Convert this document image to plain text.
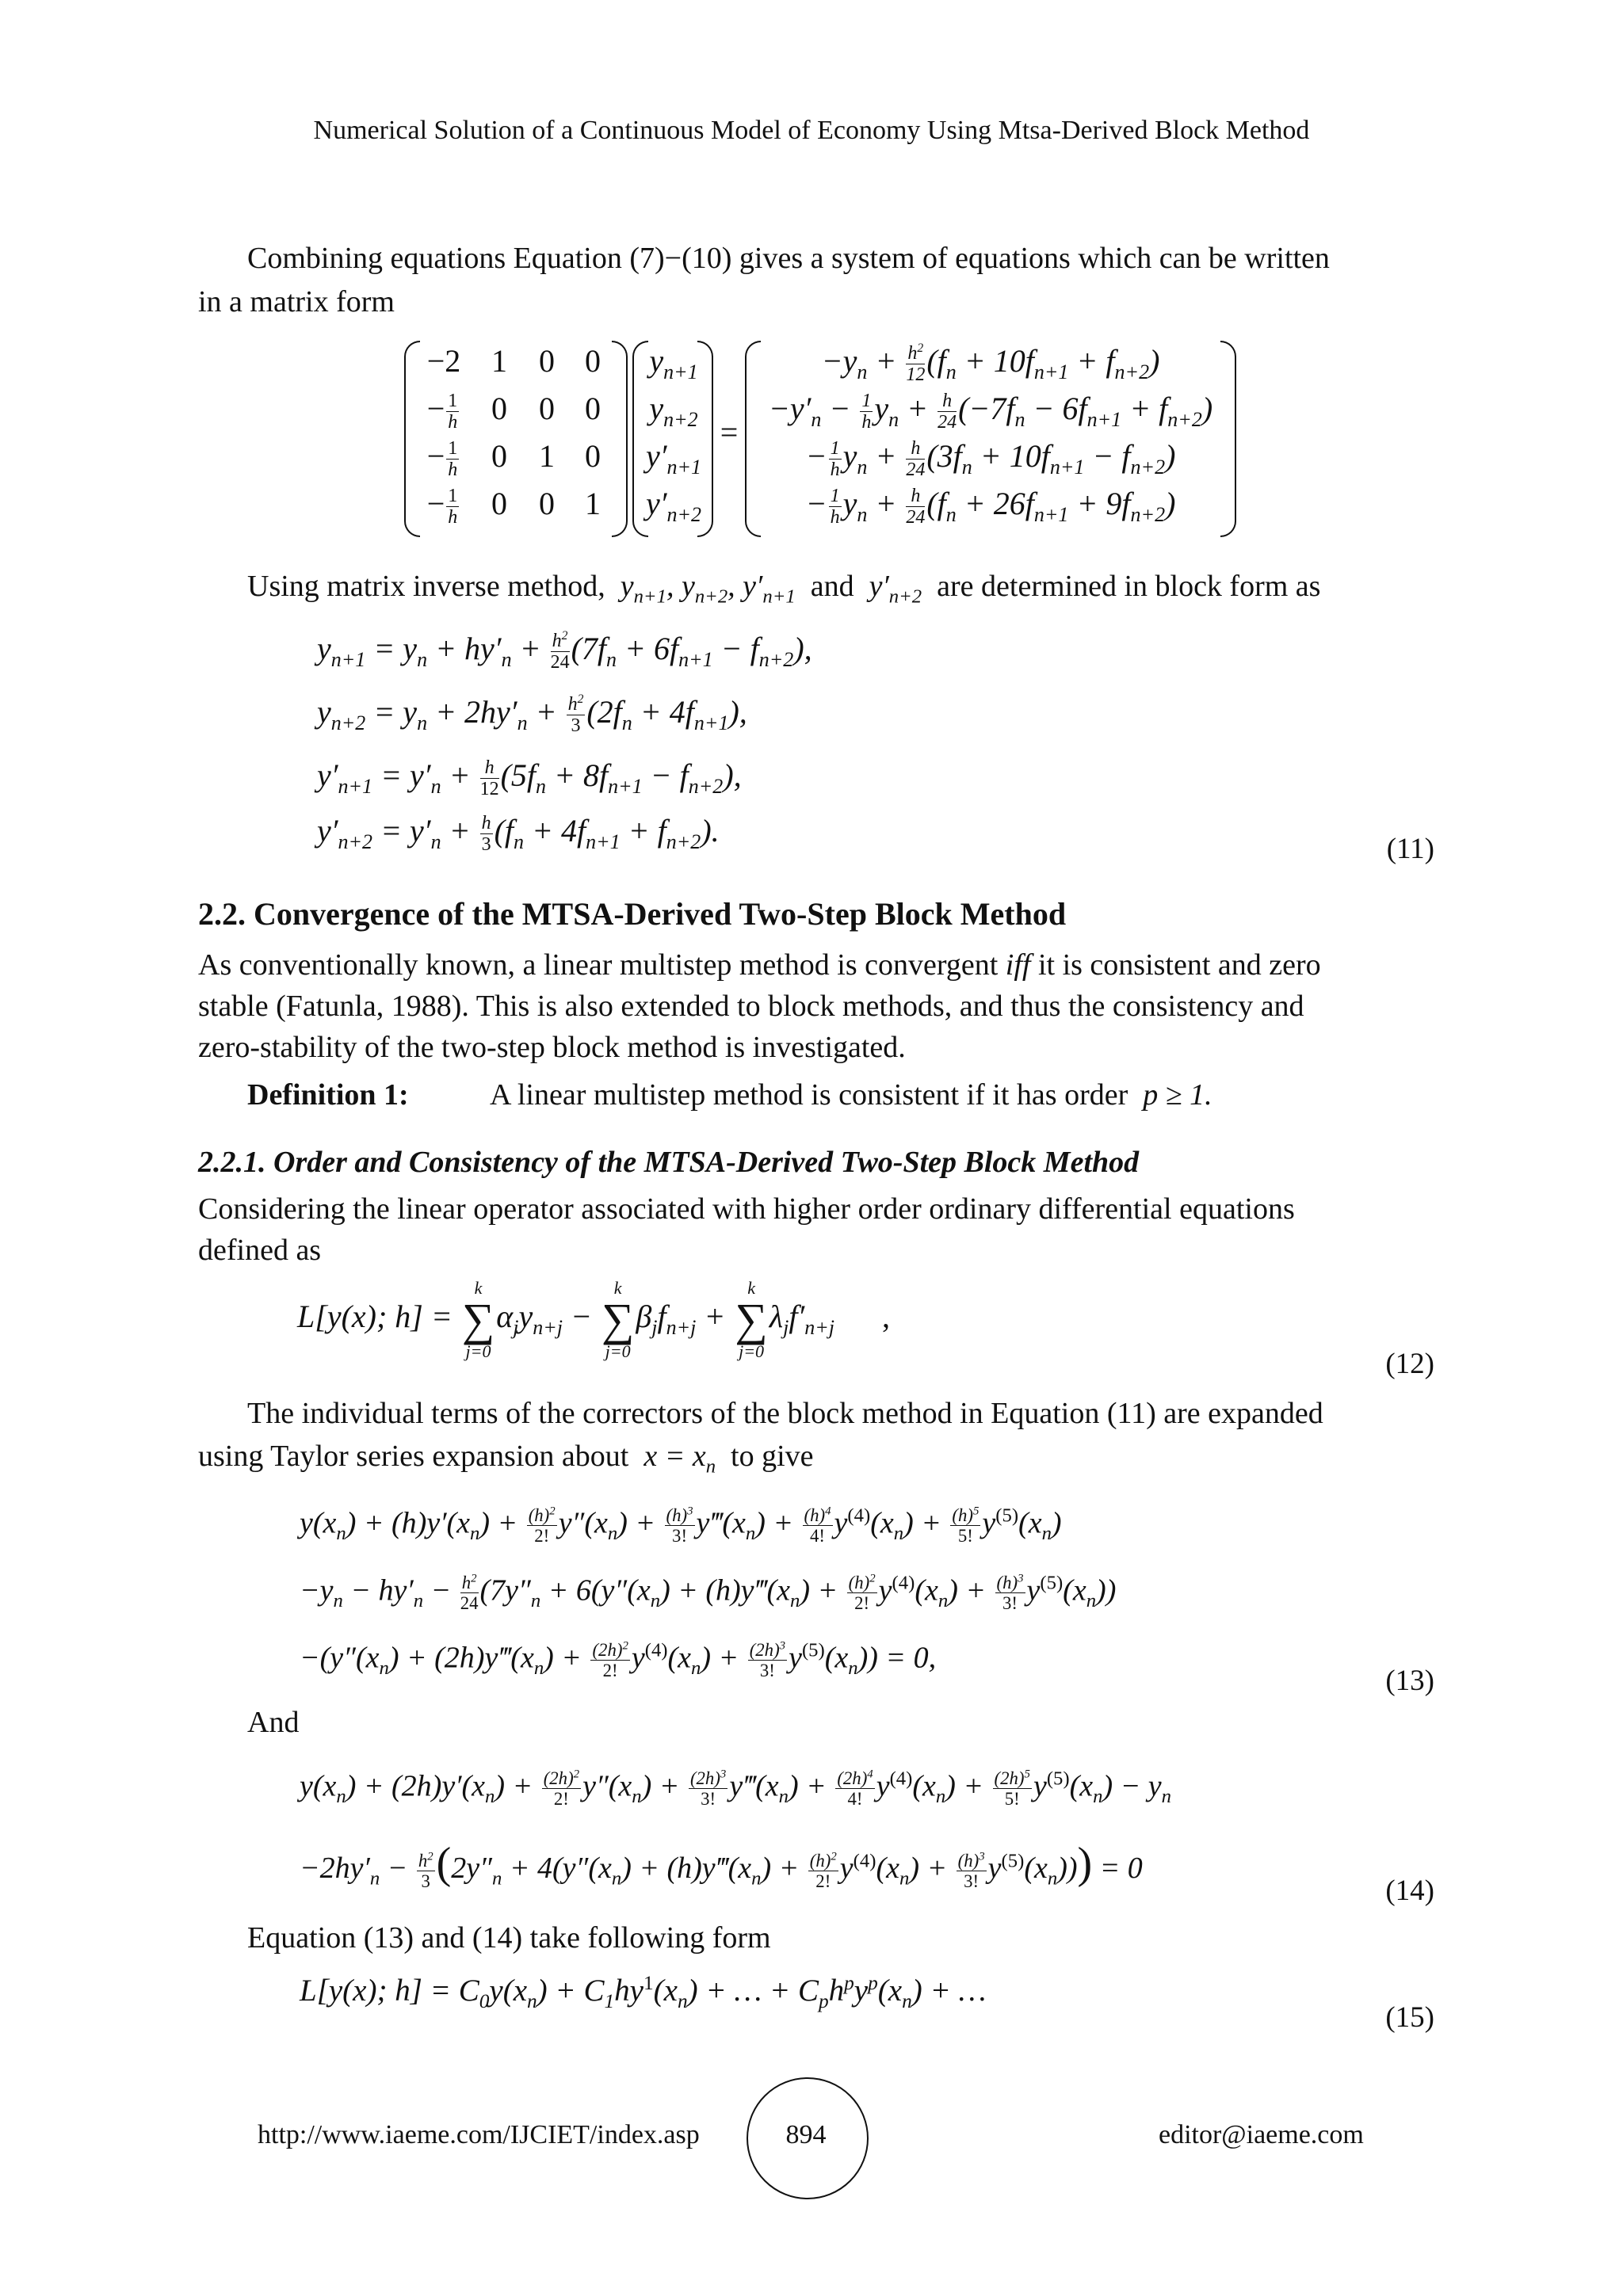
Numerical Solution of a Continuous Model of Economy Using Mtsa-Derived Block Method
Combining equations Equation (7)−(10) gives a system of equations which can be written
in a matrix form
−2 1 0 0
− $\frac{1}{h} 0$ 0 0
− $\frac{1}{h} 0$ 1 0
− $\frac{1}{h} 0$ 0 1
$y_{n+1}$
$y_{n+2}$
$y'_{n+1}$
$y'_{n+2}$
=
$-y_n + \frac{h^2}{12} (f_n + 10f_{n+1} + f_{n+2})$
$-y'_n - \frac{1}{h} y_n + \frac{h}{24} (-7f_n - 6f_{n+1} + f_{n+2})$
− $\frac{1}{h} y_n + \frac{h}{24} (3f_n + 10f_{n+1} - f_{n+2})$
− $\frac{1}{h} y_n + \frac{h}{24} (f_n + 26f_{n+1} + 9f_{n+2})$
Using matrix inverse method,  $y_{n+1}$, $y_{n+2}$, $y'_{n+1}$ and  $y'_{n+2}$ are determined in block form as
$y_{n+1} = y_n + hy'_n + \frac{h^2}{24} (7f_n + 6f_{n+1} - f_{n+2})$,
$y_{n+2} = y_n + 2hy'_n + \frac{h^2}{3} (2f_n + 4f_{n+1})$,
$y'_{n+1} = y'_n + \frac{h}{12} (5f_n + 8f_{n+1} - f_{n+2})$,
$y'_{n+2} = y'_n + \frac{h}{3} (f_n + 4f_{n+1} + f_{n+2})$.
(11)
2.2. Convergence of the MTSA-Derived Two-Step Block Method
As conventionally known, a linear multistep method is convergent iff it is consistent and zero
stable (Fatunla, 1988). This is also extended to block methods, and thus the consistency and
zero-stability of the two-step block method is investigated.
Definition 1:	A linear multistep method is consistent if it has order p ≥ 1.
2.2.1. Order and Consistency of the MTSA-Derived Two-Step Block Method
Considering the linear operator associated with higher order ordinary differential equations
defined as
L[y(x); h] =
k
∑
j=0
$\alpha_jy_{n+j}$ −
k
∑
j=0
$\beta_jf_{n+j}$ +
k
∑
j=0
$\lambda_jf'_{n+j}$      ,
(12)
The individual terms of the correctors of the block method in Equation (11) are expanded
using Taylor series expansion about $x = x_n$ to give
$y(x_n) + (h)y'(x_n) + \frac{(h)^2}{2!} y''(x_n) + \frac{(h)^3}{3!}$ $y‴(x_n) + \frac{(h)^4}{4!} y^{(4)}(x_n) + \frac{(h)^5}{5!} y^{(5)}(x_n)$
$-y_n - hy'_n - \frac{h^2}{24} (7y''_n + 6(y''(x_n)$ + $(h)y‴(x_n) + \frac{(h)^2}{2!} y^{(4)}(x_n) + \frac{(h)^3}{3!} y^{(5)}(x_n)$)
$-(y''(x_n)$ + $(2h)y‴(x_n) + \frac{(2h)^2}{2!} y^{(4)}(x_n) + \frac{(2h)^3}{3!} y^{(5)}(x_n)) = 0$,
(13)
And
$y(x_n) + (2h)y'(x_n) + \frac{(2h)^2}{2!} y''(x_n) + \frac{(2h)^3}{3!}$ $y‴(x_n) + \frac{(2h)^4}{4!} y^{(4)}(x_n) + \frac{(2h)^5}{5!} y^{(5)}(x_n) - y_n$
$-2hy'_n - \frac{h^2}{3} (2y''_n + 4(y''(x_n)$ + $(h)y‴(x_n) + \frac{(h)^2}{2!} y^{(4)}(x_n) + \frac{(h)^3}{3!} y^{(5)}(x_n))) = 0$
(14)
Equation (13) and (14) take following form
L[y(x); $h] = C_0y(x_n) + C_1hy^1(x_n)$ + … + $C_ph^py^p(x_n)$ + …
(15)
http://www.iaeme.com/IJCIET/index.asp	894	editor@iaeme.com
